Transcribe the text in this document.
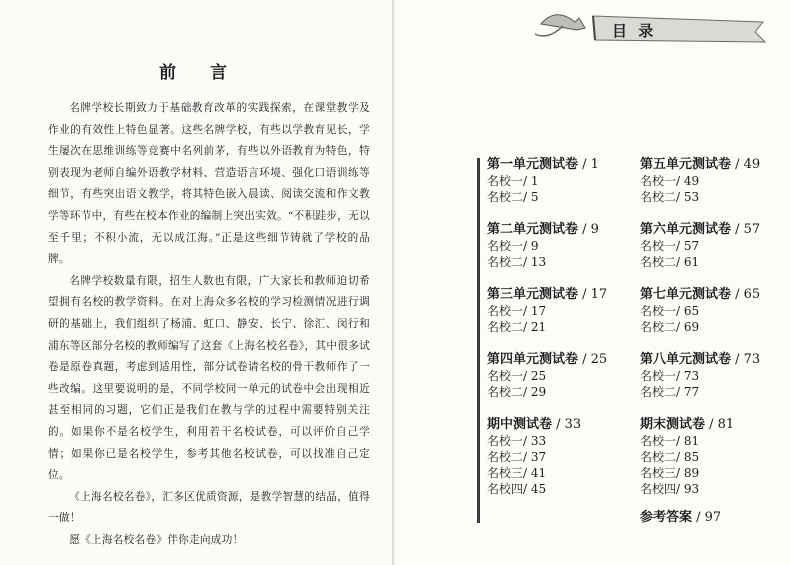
前 言

名牌学校长期致力于基础教育改革的实践探索，在课堂教学及作业的有效性上特色显著。这些名牌学校，有些以学教育见长，学生屡次在思维训练等竞赛中名列前茅，有些以外语教育为特色，特别表现为老师自编外语教学材料、营造语言环境、强化口语训练等细节，有些突出语文教学，将其特色嵌入晨读、阅读交流和作文教学等环节中，有些在校本作业的编制上突出实效。“不积跬步，无以至千里；不积小流，无以成江海。”正是这些细节铸就了学校的品牌。

名牌学校数量有限，招生人数也有限，广大家长和教师迫切希望拥有名校的教学资料。在对上海众多名校的学习检测情况进行调研的基础上，我们组织了杨浦、虹口、静安、长宁、徐汇、闵行和浦东等区部分名校的教师编写了这套《上海名校名卷》，其中很多试卷是原卷真题，考虑到适用性，部分试卷请名校的骨干教师作了一些改编。这里要说明的是，不同学校同一单元的试卷中会出现相近甚至相同的习题，它们正是我们在教与学的过程中需要特别关注的。如果你不是名校学生，利用若干名校试卷，可以评价自己学情；如果你已是名校学生，参考其他名校试卷，可以找准自己定位。

《上海名校名卷》，汇多区优质资源，是教学智慧的结晶，值得一做！

愿《上海名校名卷》伴你走向成功！

目 录
第一单元测试卷 / 1
名校一/ 1
名校二/ 5
第二单元测试卷 / 9
名校一/ 9
名校二/ 13
第三单元测试卷 / 17
名校一/ 17
名校二/ 21
第四单元测试卷 / 25
名校一/ 25
名校二/ 29
期中测试卷 / 33
名校一/ 33
名校二/ 37
名校三/ 41
名校四/ 45
第五单元测试卷 / 49
名校一/ 49
名校二/ 53
第六单元测试卷 / 57
名校一/ 57
名校二/ 61
第七单元测试卷 / 65
名校一/ 65
名校二/ 69
第八单元测试卷 / 73
名校一/ 73
名校二/ 77
期末测试卷 / 81
名校一/ 81
名校二/ 85
名校三/ 89
名校四/ 93
参考答案 / 97
